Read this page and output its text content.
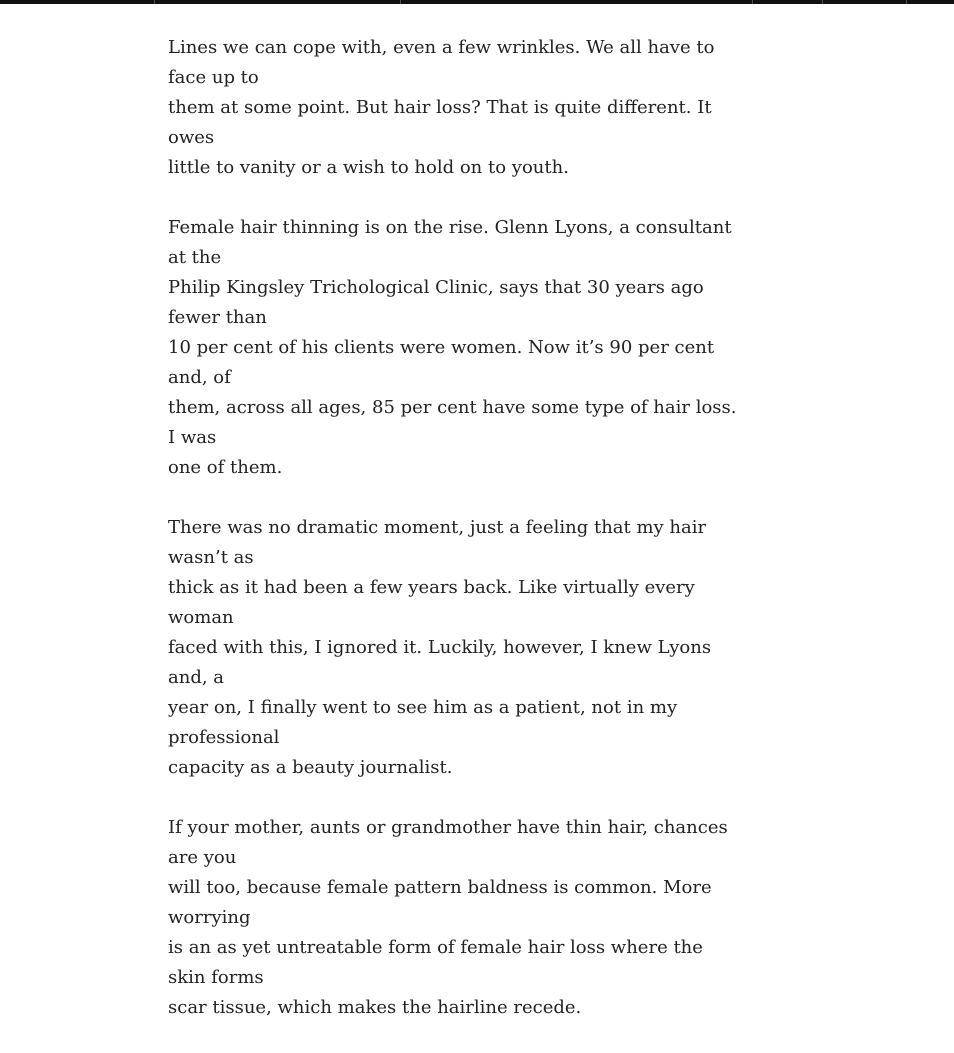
Lines we can cope with, even a few wrinkles. We all have to face up to
them at some point. But hair loss? That is quite different. It owes
little to vanity or a wish to hold on to youth.

Female hair thinning is on the rise. Glenn Lyons, a consultant at the
Philip Kingsley Trichological Clinic, says that 30 years ago fewer than
10 per cent of his clients were women. Now it’s 90 per cent and, of
them, across all ages, 85 per cent have some type of hair loss. I was
one of them.

There was no dramatic moment, just a feeling that my hair wasn’t as
thick as it had been a few years back. Like virtually every woman
faced with this, I ignored it. Luckily, however, I knew Lyons and, a
year on, I finally went to see him as a patient, not in my professional
capacity as a beauty journalist.

If your mother, aunts or grandmother have thin hair, chances are you
will too, because female pattern baldness is common. More worrying
is an as yet untreatable form of female hair loss where the skin forms
scar tissue, which makes the hairline recede.
